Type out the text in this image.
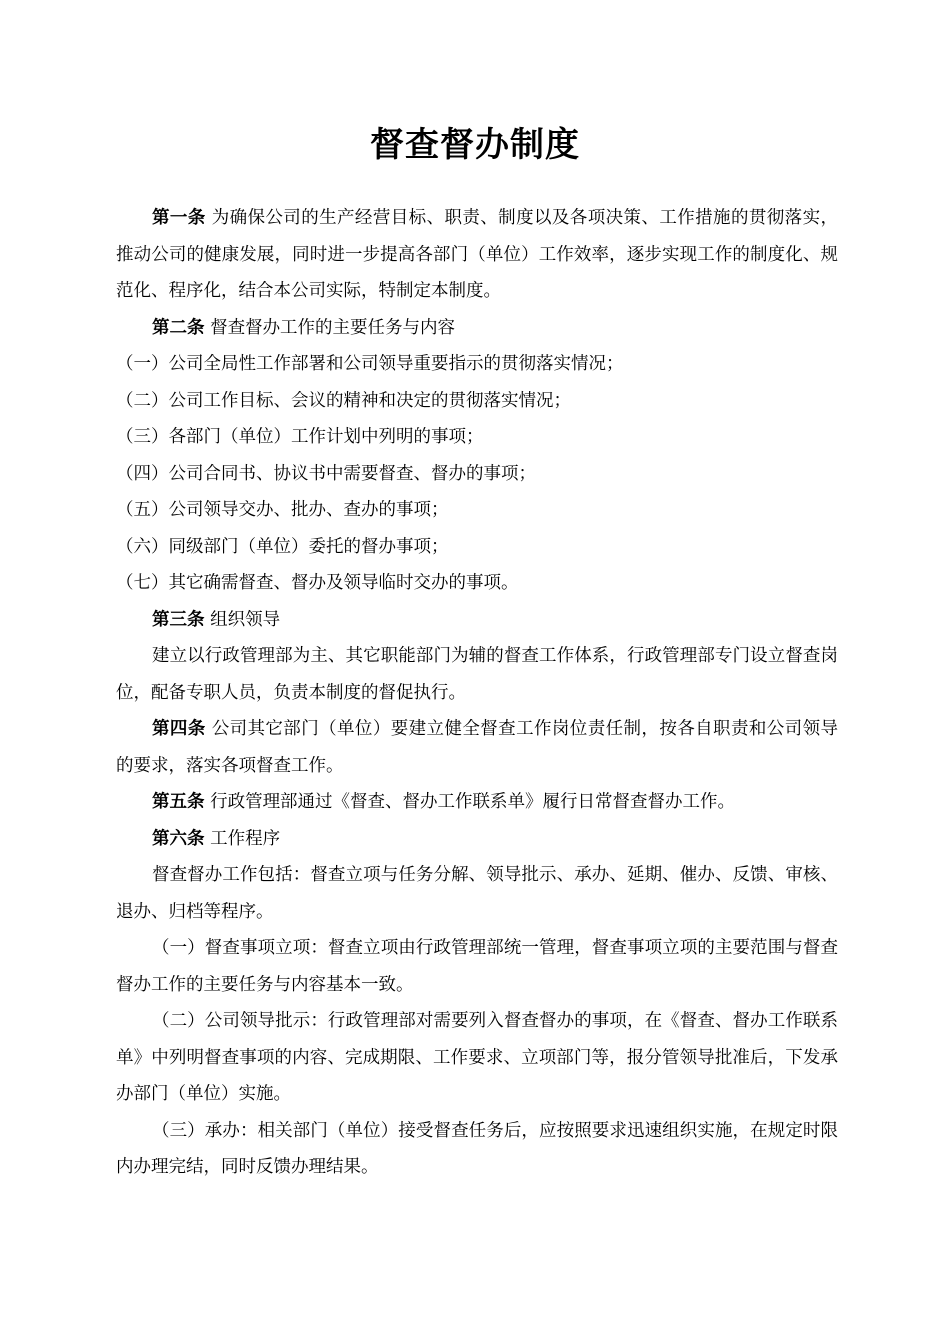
督查督办制度

第一条 为确保公司的生产经营目标、职责、制度以及各项决策、工作措施的贯彻落实，推动公司的健康发展，同时进一步提高各部门（单位）工作效率，逐步实现工作的制度化、规范化、程序化，结合本公司实际，特制定本制度。

第二条 督查督办工作的主要任务与内容

（一）公司全局性工作部署和公司领导重要指示的贯彻落实情况；

（二）公司工作目标、会议的精神和决定的贯彻落实情况；

（三）各部门（单位）工作计划中列明的事项；

（四）公司合同书、协议书中需要督查、督办的事项；

（五）公司领导交办、批办、查办的事项；

（六）同级部门（单位）委托的督办事项；

（七）其它确需督查、督办及领导临时交办的事项。

第三条 组织领导

建立以行政管理部为主、其它职能部门为辅的督查工作体系，行政管理部专门设立督查岗位，配备专职人员，负责本制度的督促执行。

第四条 公司其它部门（单位）要建立健全督查工作岗位责任制，按各自职责和公司领导的要求，落实各项督查工作。

第五条 行政管理部通过《督查、督办工作联系单》履行日常督查督办工作。

第六条 工作程序

督查督办工作包括：督查立项与任务分解、领导批示、承办、延期、催办、反馈、审核、退办、归档等程序。

（一）督查事项立项：督查立项由行政管理部统一管理，督查事项立项的主要范围与督查督办工作的主要任务与内容基本一致。

（二）公司领导批示：行政管理部对需要列入督查督办的事项，在《督查、督办工作联系单》中列明督查事项的内容、完成期限、工作要求、立项部门等，报分管领导批准后，下发承办部门（单位）实施。

（三）承办：相关部门（单位）接受督查任务后，应按照要求迅速组织实施，在规定时限内办理完结，同时反馈办理结果。
